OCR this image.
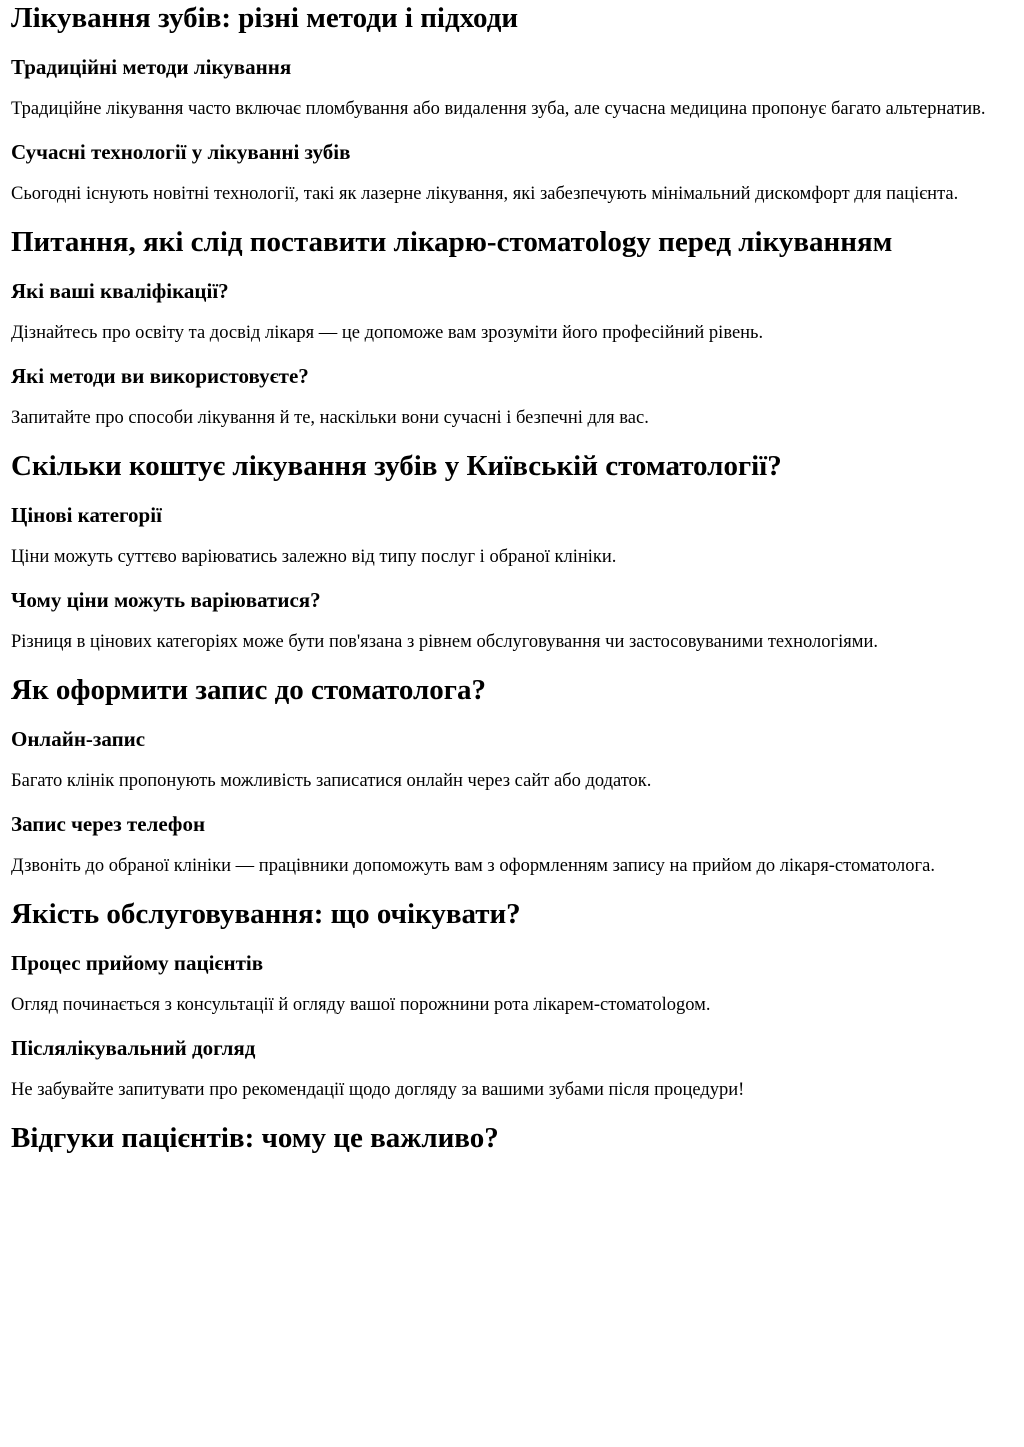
Лікування зубів: різні методи і підходи
Традиційні методи лікування

Традиційне лікування часто включає пломбування або видалення зуба, але сучасна медицина пропонує багато альтернатив.

Сучасні технології у лікуванні зубів

Сьогодні існують новітні технології, такі як лазерне лікування, які забезпечують мінімальний дискомфорт для пацієнта.

Питання, які слід поставити лікарю-стоматology перед лікуванням
Які ваші кваліфікації?

Дізнайтесь про освіту та досвід лікаря — це допоможе вам зрозуміти його професійний рівень.

Які методи ви використовуєте?

Запитайте про способи лікування й те, наскільки вони сучасні і безпечні для вас.

Скільки коштує лікування зубів у Київській стоматології?
Цінові категорії

Ціни можуть суттєво варіюватись залежно від типу послуг і обраної клініки.

Чому ціни можуть варіюватися?

Різниця в цінових категоріях може бути пов'язана з рівнем обслуговування чи застосовуваними технологіями.

Як оформити запис до стоматолога?
Онлайн-запис

Багато клінік пропонують можливість записатися онлайн через сайт або додаток.

Запис через телефон

Дзвоніть до обраної клініки — працівники допоможуть вам з оформленням запису на прийом до лікаря-стоматолога.

Якість обслуговування: що очікувати?
Процес прийому пацієнтів

Огляд починається з консультації й огляду вашої порожнини рота лікарем-стоматologом.

Післялікувальний догляд

Не забувайте запитувати про рекомендації щодо догляду за вашими зубами після процедури!

Відгуки пацієнтів: чому це важливо?
